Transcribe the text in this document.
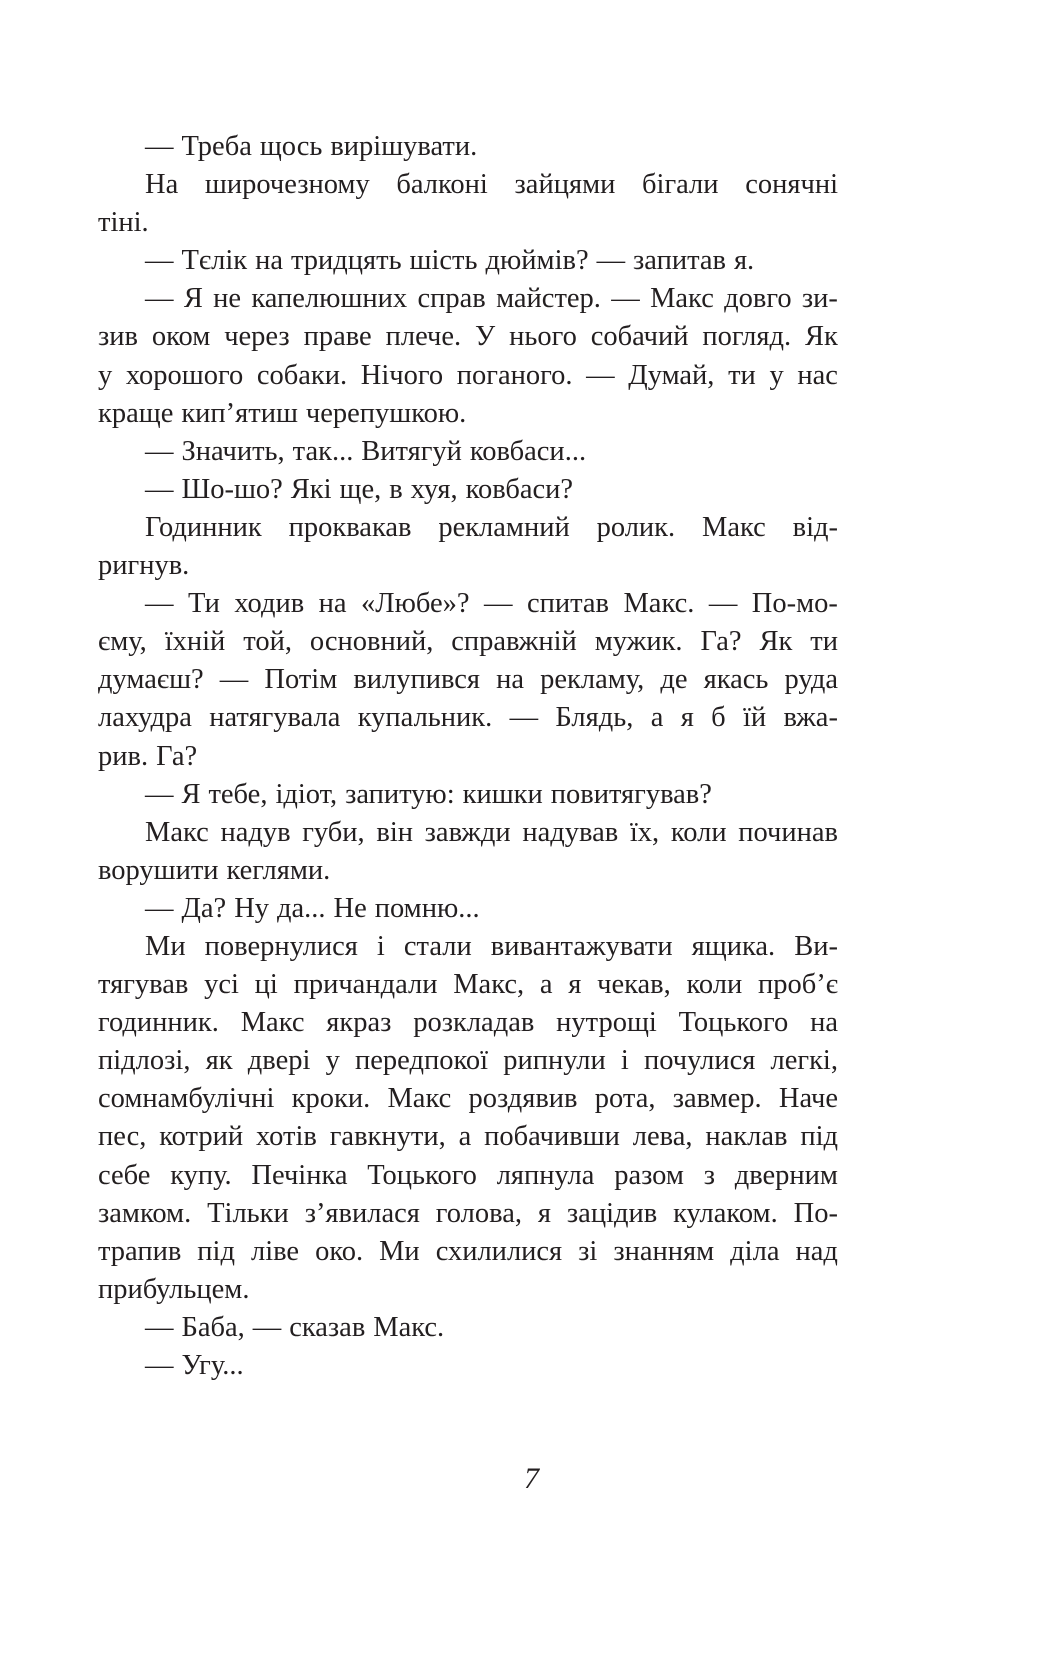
— Треба щось вирішувати.
На широчезному балконі зайцями бігали сонячні
тіні.
— Тєлік на тридцять шість дюймів? — запитав я.
— Я не капелюшних справ майстер. — Макс довго зи-
зив оком через праве плече. У нього собачий погляд. Як
у хорошого собаки. Нічого поганого. — Думай, ти у нас
краще кип’ятиш черепушкою.
— Значить, так... Витягуй ковбаси...
— Шо-шо? Які ще, в хуя, ковбаси?
Годинник проквакав рекламний ролик. Макс від-
ригнув.
— Ти ходив на «Любе»? — спитав Макс. — По-мо-
єму, їхній той, основний, справжній мужик. Га? Як ти
думаєш? — Потім вилупився на рекламу, де якась руда
лахудра натягувала купальник. — Блядь, а я б їй вжа-
рив. Га?
— Я тебе, ідіот, запитую: кишки повитягував?
Макс надув губи, він завжди надував їх, коли починав
ворушити кеглями.
— Да? Ну да... Не помню...
Ми повернулися і стали вивантажувати ящика. Ви-
тягував усі ці причандали Макс, а я чекав, коли проб’є
годинник. Макс якраз розкладав нутрощі Тоцького на
підлозі, як двері у передпокої рипнули і почулися легкі,
сомнамбулічні кроки. Макс роздявив рота, завмер. Наче
пес, котрий хотів гавкнути, а побачивши лева, наклав під
себе купу. Печінка Тоцького ляпнула разом з дверним
замком. Тільки з’явилася голова, я зацідив кулаком. По-
трапив під ліве око. Ми схилилися зі знанням діла над
прибульцем.
— Баба, — сказав Макс.
— Угу...
7
